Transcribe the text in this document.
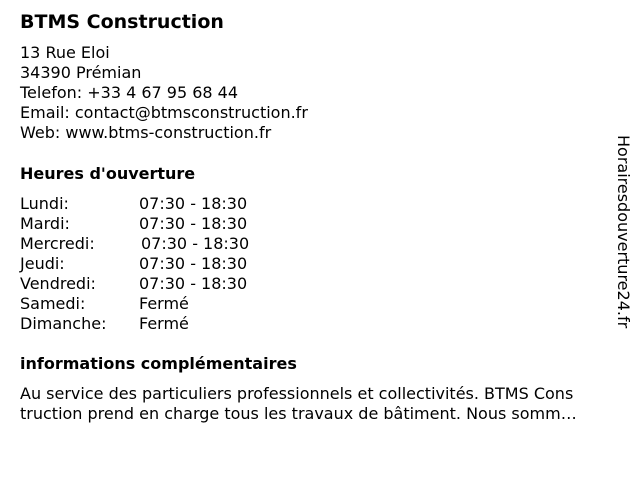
BTMS Construction
13 Rue Eloi
34390 Prémian
Telefon: +33 4 67 95 68 44
Email: contact@btmsconstruction.fr
Web: www.btms-construction.fr
Heures d'ouverture
Lundi:	07:30 - 18:30
Mardi:	07:30 - 18:30
Mercredi:	07:30 - 18:30
Jeudi:	07:30 - 18:30
Vendredi:	07:30 - 18:30
Samedi:	Fermé
Dimanche: Fermé
informations complémentaires
Au service des particuliers professionnels et collectivités. BTMS Cons
truction prend en charge tous les travaux de bâtiment. Nous somm…
Horairesdouverture24.fr
